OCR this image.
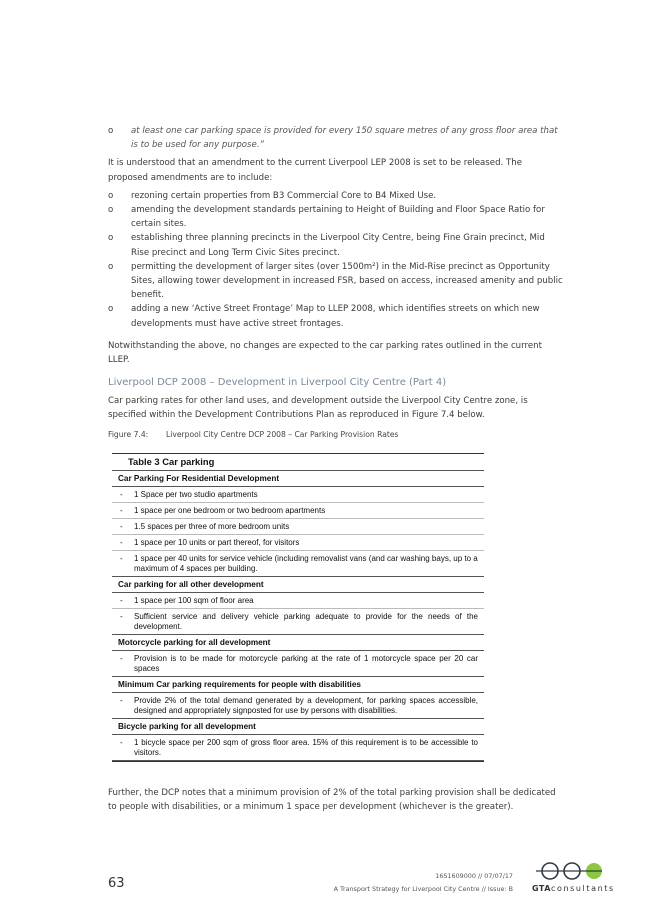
o	at least one car parking space is provided for every 150 square metres of any gross floor area that is to be used for any purpose.”

It is understood that an amendment to the current Liverpool LEP 2008 is set to be released. The proposed amendments are to include:

o	rezoning certain properties from B3 Commercial Core to B4 Mixed Use.
o	amending the development standards pertaining to Height of Building and Floor Space Ratio for certain sites.
o	establishing three planning precincts in the Liverpool City Centre, being Fine Grain precinct, Mid Rise precinct and Long Term Civic Sites precinct.
o	permitting the development of larger sites (over 1500m²) in the Mid-Rise precinct as Opportunity Sites, allowing tower development in increased FSR, based on access, increased amenity and public benefit.
o	adding a new ‘Active Street Frontage’ Map to LLEP 2008, which identifies streets on which new developments must have active street frontages.

Notwithstanding the above, no changes are expected to the car parking rates outlined in the current LLEP.

Liverpool DCP 2008 – Development in Liverpool City Centre (Part 4)

Car parking rates for other land uses, and development outside the Liverpool City Centre zone, is specified within the Development Contributions Plan as reproduced in Figure 7.4 below.

Figure 7.4:	Liverpool City Centre DCP 2008 – Car Parking Provision Rates
Table 3 Car parking
Car Parking For Residential Development
-	1 Space per two studio apartments
-	1 space per one bedroom or two bedroom apartments
-	1.5 spaces per three of more bedroom units
-	1 space per 10 units or part thereof, for visitors
-	1 space per 40 units for service vehicle (including removalist vans (and car washing bays, up to a maximum of 4 spaces per building.
Car parking for all other development
-	1 space per 100 sqm of floor area
-	Sufficient service and delivery vehicle parking adequate to provide for the needs of the development.
Motorcycle parking for all development
-	Provision is to be made for motorcycle parking at the rate of 1 motorcycle space per 20 car spaces
Minimum Car parking requirements for people with disabilities
-	Provide 2% of the total demand generated by a development, for parking spaces accessible, designed and appropriately signposted for use by persons with disabilities.
Bicycle parking for all development
-	1 bicycle space per 200 sqm of gross floor area. 15% of this requirement is to be accessible to visitors.

Further, the DCP notes that a minimum provision of 2% of the total parking provision shall be dedicated to people with disabilities, or a minimum 1 space per development (whichever is the greater).

63	16S1609000 // 07/07/17
A Transport Strategy for Liverpool City Centre // Issue: B GTAconsultants
